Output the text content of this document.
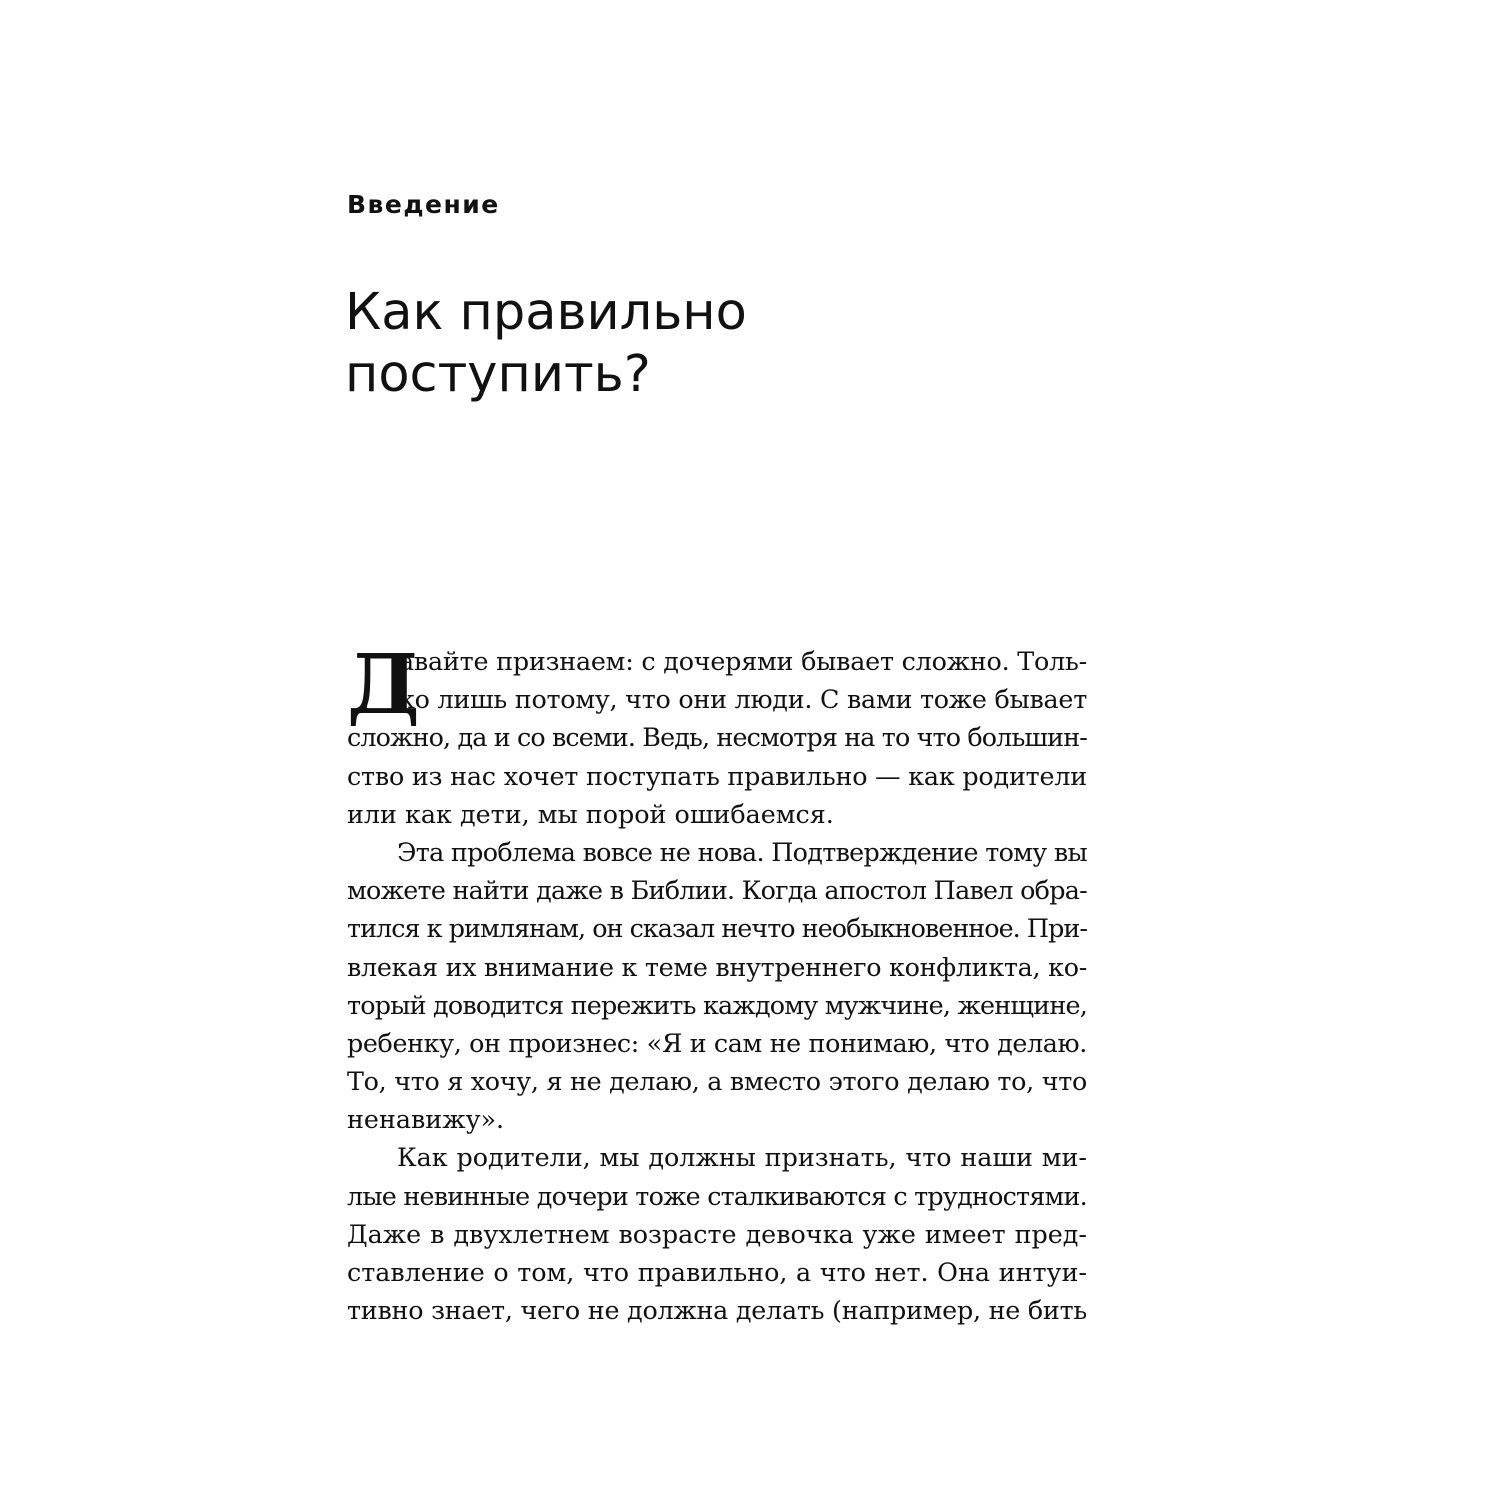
Введение
Как правильно
поступить?
Д
авайте признаем: с дочерями бывает сложно. Толь-
ко лишь потому, что они люди. С вами тоже бывает
сложно, да и со всеми. Ведь, несмотря на то что большин-
ство из нас хочет поступать правильно — как родители
или как дети, мы порой ошибаемся.
Эта проблема вовсе не нова. Подтверждение тому вы
можете найти даже в Библии. Когда апостол Павел обра-
тился к римлянам, он сказал нечто необыкновенное. При-
влекая их внимание к теме внутреннего конфликта, ко-
торый доводится пережить каждому мужчине, женщине,
ребенку, он произнес: «Я и сам не понимаю, что делаю.
То, что я хочу, я не делаю, а вместо этого делаю то, что
ненавижу».
Как родители, мы должны признать, что наши ми-
лые невинные дочери тоже сталкиваются с трудностями.
Даже в двухлетнем возрасте девочка уже имеет пред-
ставление о том, что правильно, а что нет. Она интуи-
тивно знает, чего не должна делать (например, не бить
